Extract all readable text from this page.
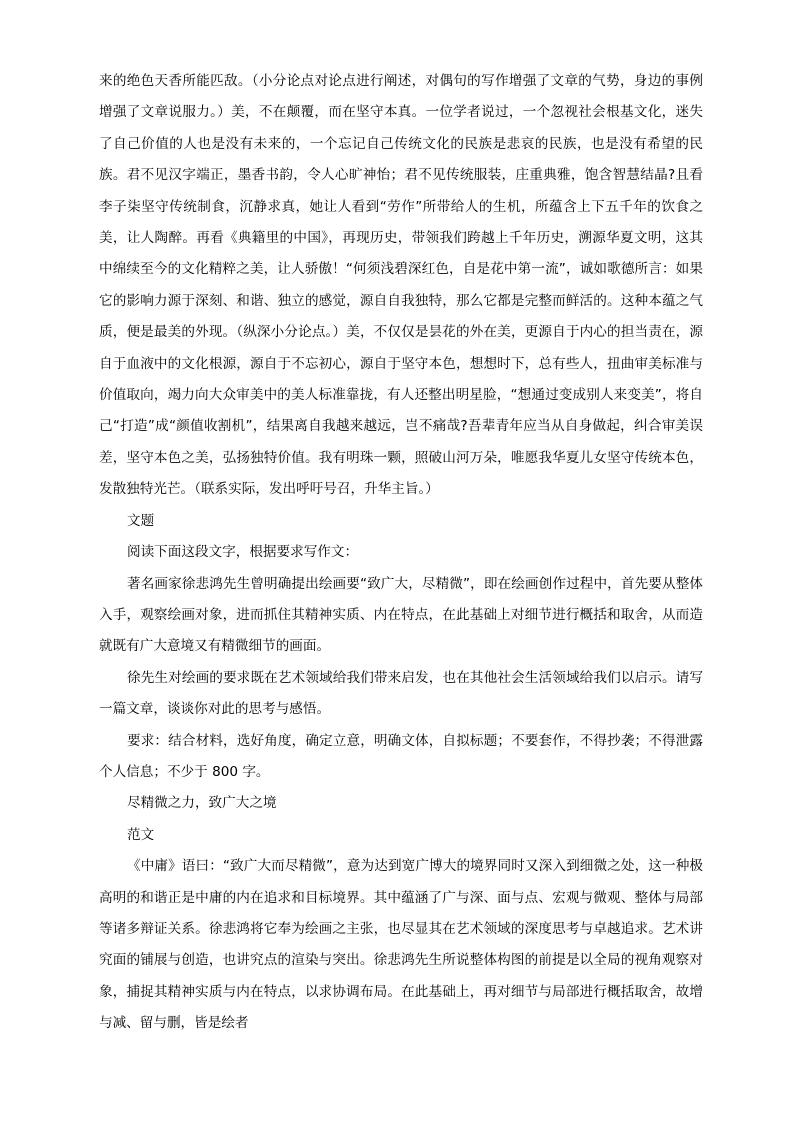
来的绝色天香所能匹敌。（小分论点对论点进行阐述，对偶句的写作增强了文章的气势，身边的事例增强了文章说服力。）美，不在颠覆，而在坚守本真。一位学者说过，一个忽视社会根基文化，迷失了自己价值的人也是没有未来的，一个忘记自己传统文化的民族是悲哀的民族，也是没有希望的民族。君不见汉字端正，墨香书韵，令人心旷神怡；君不见传统服装，庄重典雅，饱含智慧结晶?且看李子柒坚守传统制食，沉静求真，她让人看到“劳作”所带给人的生机，所蕴含上下五千年的饮食之美，让人陶醉。再看《典籍里的中国》，再现历史，带领我们跨越上千年历史，溯源华夏文明，这其中绵续至今的文化精粹之美，让人骄傲！“何须浅碧深红色，自是花中第一流”，诚如歌德所言：如果它的影响力源于深刻、和谐、独立的感觉，源自自我独特，那么它都是完整而鲜活的。这种本蕴之气质，便是最美的外现。（纵深小分论点。）美，不仅仅是昙花的外在美，更源自于内心的担当责在，源自于血液中的文化根源，源自于不忘初心，源自于坚守本色，想想时下，总有些人，扭曲审美标准与价值取向，竭力向大众审美中的美人标准靠拢，有人还整出明星脸，“想通过变成别人来变美”，将自己“打造”成“颜值收割机”，结果离自我越来越远，岂不痛哉?吾辈青年应当从自身做起，纠合审美误差，坚守本色之美，弘扬独特价值。我有明珠一颗，照破山河万朵，唯愿我华夏儿女坚守传统本色，发散独特光芒。（联系实际，发出呼吁号召，升华主旨。）

文题

阅读下面这段文字，根据要求写作文：

著名画家徐悲鸿先生曾明确提出绘画要“致广大，尽精微”，即在绘画创作过程中，首先要从整体入手，观察绘画对象，进而抓住其精神实质、内在特点，在此基础上对细节进行概括和取舍，从而造就既有广大意境又有精微细节的画面。

徐先生对绘画的要求既在艺术领域给我们带来启发，也在其他社会生活领域给我们以启示。请写一篇文章，谈谈你对此的思考与感悟。

要求：结合材料，选好角度，确定立意，明确文体，自拟标题；不要套作，不得抄袭；不得泄露个人信息；不少于 800 字。

尽精微之力，致广大之境

范文

《中庸》语曰：“致广大而尽精微”，意为达到宽广博大的境界同时又深入到细微之处，这一种极高明的和谐正是中庸的内在追求和目标境界。其中蕴涵了广与深、面与点、宏观与微观、整体与局部等诸多辩证关系。徐悲鸿将它奉为绘画之主张，也尽显其在艺术领域的深度思考与卓越追求。艺术讲究面的铺展与创造，也讲究点的渲染与突出。徐悲鸿先生所说整体构图的前提是以全局的视角观察对象，捕捉其精神实质与内在特点，以求协调布局。在此基础上，再对细节与局部进行概括取舍，故增与减、留与删，皆是绘者
